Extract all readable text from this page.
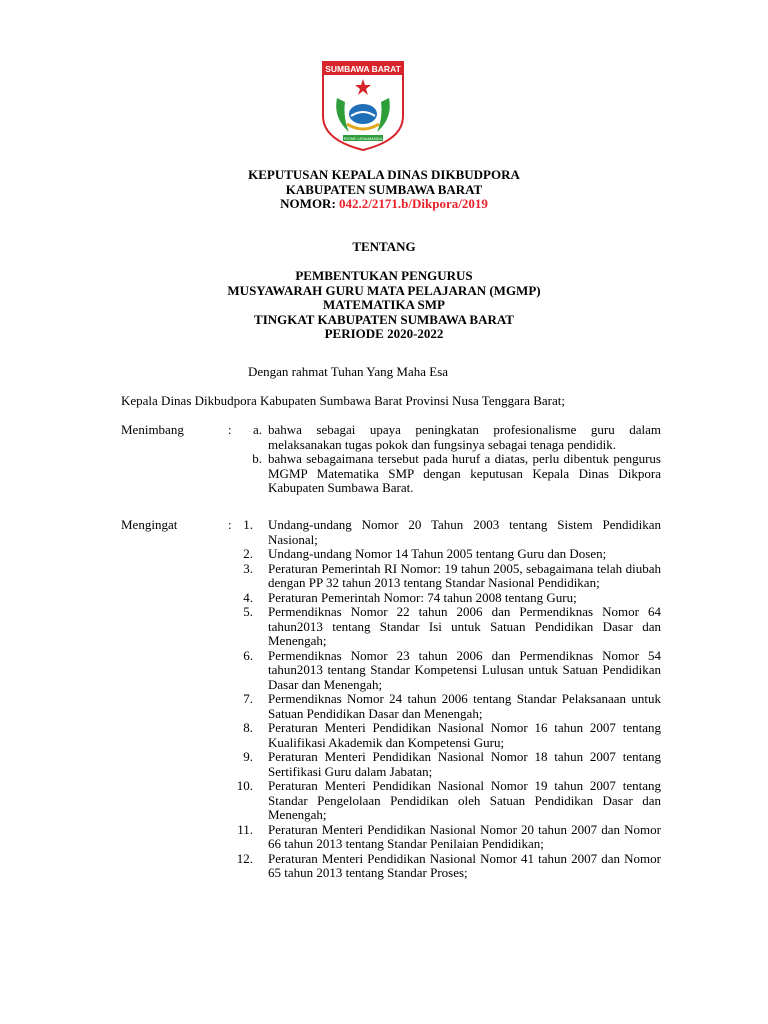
SUMBAWA BARAT
PIONE LENAMANDA
KEPUTUSAN KEPALA DINAS DIKBUDPORA
KABUPATEN SUMBAWA BARAT
NOMOR: 042.2/2171.b/Dikpora/2019
TENTANG
PEMBENTUKAN PENGURUS
MUSYAWARAH GURU MATA PELAJARAN (MGMP)
MATEMATIKA SMP
TINGKAT KABUPATEN SUMBAWA BARAT
PERIODE 2020-2022
Dengan rahmat Tuhan Yang Maha Esa
Kepala Dinas Dikbudpora Kabupaten Sumbawa Barat Provinsi Nusa Tenggara Barat;
Menimbang	:	a. bahwa sebagai upaya peningkatan profesionalisme guru dalam melaksanakan tugas pokok dan fungsinya sebagai tenaga pendidik.
b. bahwa sebagaimana tersebut pada huruf a diatas, perlu dibentuk pengurus MGMP Matematika SMP dengan keputusan Kepala Dinas Dikpora Kabupaten Sumbawa Barat.
Mengingat	: 1. Undang-undang Nomor 20 Tahun 2003 tentang Sistem Pendidikan Nasional;
2. Undang-undang Nomor 14 Tahun 2005 tentang Guru dan Dosen;
3. Peraturan Pemerintah RI Nomor: 19 tahun 2005, sebagaimana telah diubah dengan PP 32 tahun 2013 tentang Standar Nasional Pendidikan;
4. Peraturan Pemerintah Nomor: 74 tahun 2008 tentang Guru;
5. Permendiknas Nomor 22 tahun 2006 dan Permendiknas Nomor 64 tahun2013 tentang Standar Isi untuk Satuan Pendidikan Dasar dan Menengah;
6. Permendiknas Nomor 23 tahun 2006 dan Permendiknas Nomor 54 tahun2013 tentang Standar Kompetensi Lulusan untuk Satuan Pendidikan Dasar dan Menengah;
7. Permendiknas Nomor 24 tahun 2006 tentang Standar Pelaksanaan untuk Satuan Pendidikan Dasar dan Menengah;
8. Peraturan Menteri Pendidikan Nasional Nomor 16 tahun 2007 tentang Kualifikasi Akademik dan Kompetensi Guru;
9. Peraturan Menteri Pendidikan Nasional Nomor 18 tahun 2007 tentang Sertifikasi Guru dalam Jabatan;
10. Peraturan Menteri Pendidikan Nasional Nomor 19 tahun 2007 tentang Standar Pengelolaan Pendidikan oleh Satuan Pendidikan Dasar dan Menengah;
11. Peraturan Menteri Pendidikan Nasional Nomor 20 tahun 2007 dan Nomor 66 tahun 2013 tentang Standar Penilaian Pendidikan;
12. Peraturan Menteri Pendidikan Nasional Nomor 41 tahun 2007 dan Nomor 65 tahun 2013 tentang Standar Proses;
